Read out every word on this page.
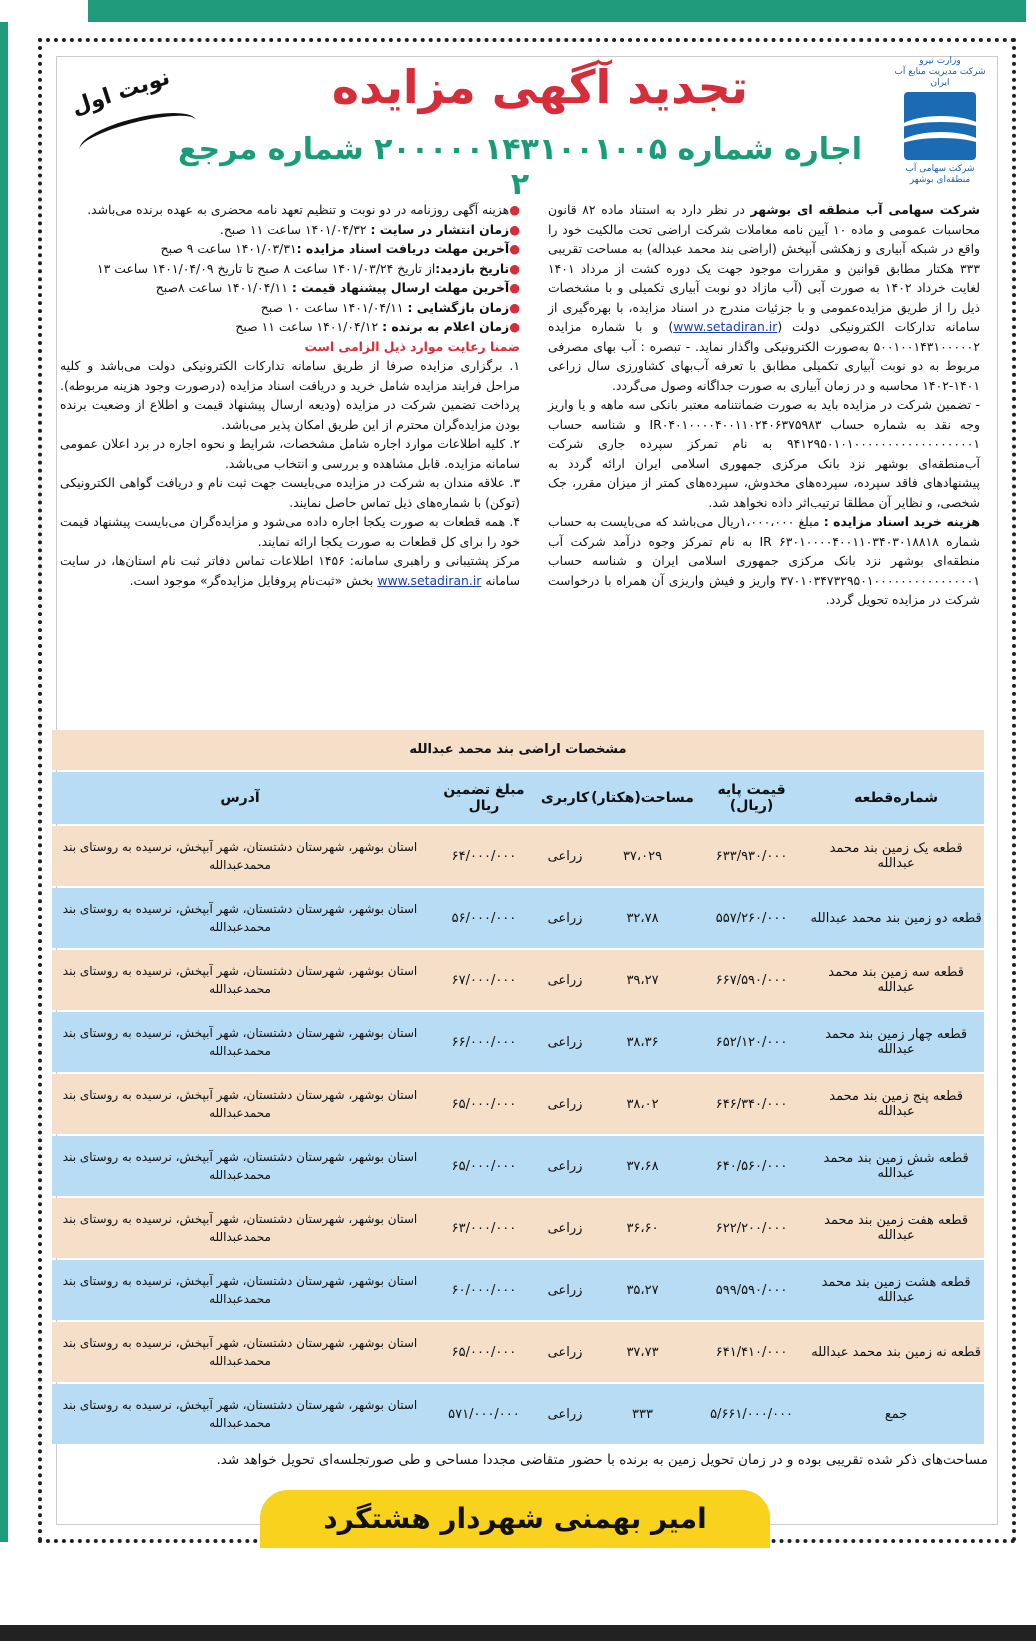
وزارت نیرو
شرکت مدیریت منابع آب ایران
شرکت سهامی آب منطقه‌ای بوشهر
نوبت اول	تجدید آگهی مزایده
اجاره شماره ۲۰۰۰۰۰۱۴۳۱۰۰۱۰۰۵ شماره مرجع ۲
شرکت سهامی آب منطقه ای بوشهر در نظر دارد به استناد ماده ۸۲ قانون محاسبات عمومی و ماده ۱۰ آیین نامه معاملات شرکت اراضی تحت مالکیت خود را واقع در شبکه آبیاری و زهکشی آبپخش (اراضی بند محمد عبداله) به مساحت تقریبی ۳۳۳ هکتار مطابق قوانین و مقررات موجود جهت یک دوره کشت از مرداد ۱۴۰۱ لغایت خرداد ۱۴۰۲ به صورت آبی (آب مازاد دو نوبت آبیاری تکمیلی و با مشخصات ذیل را از طریق مزایده‌عمومی و با جزئیات مندرج در اسناد مزایده، با بهره‌گیری از سامانه تدارکات الکترونیکی دولت (www.setadiran.ir) و با شماره مزایده ۵۰۰۱۰۰۱۴۳۱۰۰۰۰۰۲ به‌صورت الکترونیکی واگذار نماید. - تبصره : آب بهای مصرفی مربوط به دو نوبت آبیاری تکمیلی مطابق با تعرفه آب‌بهای کشاورزی سال زراعی ۱۴۰۱-۱۴۰۲ محاسبه و در زمان آبیاری به صورت جداگانه وصول می‌گردد.
- تضمین شرکت در مزایده باید به صورت ضمانتنامه معتبر بانکی سه ماهه و یا واریز وجه نقد به شماره حساب IR۰۴۰۱۰۰۰۰۴۰۰۱۱۰۲۴۰۶۳۷۵۹۸۳ و شناسه حساب ۹۴۱۲۹۵۰۱۰۱۰۰۰۰۰۰۰۰۰۰۰۰۰۰۰۰۰۰۱ به نام تمرکز سپرده جاری شرکت آب‌منطقه‌ای بوشهر نزد بانک مرکزی جمهوری اسلامی ایران ارائه گردد به پیشنهادهای فاقد سپرده، سپرده‌های مخدوش، سپرده‌های کمتر از میزان مقرر، جک شخصی، و نظایر آن مطلقا ترتیب‌اثر داده نخواهد شد.
هزینه خرید اسناد مزایده : مبلغ ۱،۰۰۰،۰۰۰ریال می‌باشد که می‌بایست به حساب شماره IR ۶۳۰۱۰۰۰۰۴۰۰۱۱۰۳۴۰۳۰۱۸۸۱۸ به نام تمرکز وجوه درآمد شرکت آب منطقه‌ای بوشهر نزد بانک مرکزی جمهوری اسلامی ایران و شناسه حساب ۳۷۰۱۰۳۴۷۳۲۹۵۰۱۰۰۰۰۰۰۰۰۰۰۰۰۰۰۰۱ واریز و فیش واریزی آن همراه با درخواست شرکت در مزایده تحویل گردد.
●هزینه آگهی روزنامه در دو نوبت و تنظیم تعهد نامه محضری به عهده برنده می‌باشد.
●زمان انتشار در سایت : ۱۴۰۱/۰۴/۳۲ ساعت ۱۱ صبح.
●آخرین مهلت دریافت اسناد مزایده :۱۴۰۱/۰۳/۳۱ ساعت ۹ صبح
●تاریخ بازدید:از تاریخ ۱۴۰۱/۰۳/۲۴ ساعت ۸ صبح تا تاریخ ۱۴۰۱/۰۴/۰۹ ساعت ۱۳
●آخرین مهلت ارسال پیشنهاد قیمت : ۱۴۰۱/۰۴/۱۱ ساعت ۸صبح
●زمان بازگشایی : ۱۴۰۱/۰۴/۱۱ ساعت ۱۰ صبح
●زمان اعلام به برنده : ۱۴۰۱/۰۴/۱۲ ساعت ۱۱ صبح
ضمنا رعایت موارد ذیل الزامی است
۱. برگزاری مزایده صرفا از طریق سامانه تدارکات الکترونیکی دولت می‌باشد و کلیه مراحل فرایند مزایده شامل خرید و دریافت اسناد مزایده (درصورت وجود هزینه مربوطه). پرداخت تضمین شرکت در مزایده (ودیعه ارسال پیشنهاد قیمت و اطلاع از وضعیت برنده بودن مزایده‌گران محترم از این طریق امکان پذیر می‌باشد.
۲. کلیه اطلاعات موارد اجاره شامل مشخصات، شرایط و نحوه اجاره در برد اعلان عمومی سامانه مزایده. قابل مشاهده و بررسی و انتخاب می‌باشد.
۳. علاقه مندان به شرکت در مزایده می‌بایست جهت ثبت نام و دریافت گواهی الکترونیکی (توکن) با شماره‌های ذیل تماس حاصل نمایند.
۴. همه قطعات به صورت یکجا اجاره داده می‌شود و مزایده‌گران می‌بایست پیشنهاد قیمت خود را برای کل قطعات به صورت یکجا ارائه نمایند.
مرکز پشتیبانی و راهبری سامانه: ۱۴۵۶ اطلاعات تماس دفاتر ثبت نام استان‌ها، در سایت سامانه www.setadiran.ir بخش «ثبت‌نام پروفایل مزایده‌گر» موجود است.
مشخصات اراضی بند محمد عبدالله
شماره‌قطعه	قیمت پایه (ریال)	مساحت(هکتار)	کاربری	مبلغ تضمین ریال	آدرس
قطعه یک زمین بند محمد عبدالله	۶۳۳/۹۳۰/۰۰۰	۳۷،۰۲۹	زراعی	۶۴/۰۰۰/۰۰۰	استان بوشهر، شهرستان دشتستان، شهر آبپخش، نرسیده به روستای بند محمدعبدالله
قطعه دو زمین بند محمد عبدالله	۵۵۷/۲۶۰/۰۰۰	۳۲،۷۸	زراعی	۵۶/۰۰۰/۰۰۰	استان بوشهر، شهرستان دشتستان، شهر آبپخش، نرسیده به روستای بند محمدعبدالله
قطعه سه زمین بند محمد عبدالله	۶۶۷/۵۹۰/۰۰۰	۳۹،۲۷	زراعی	۶۷/۰۰۰/۰۰۰	استان بوشهر، شهرستان دشتستان، شهر آبپخش، نرسیده به روستای بند محمدعبدالله
قطعه چهار زمین بند محمد عبدالله	۶۵۲/۱۲۰/۰۰۰	۳۸،۳۶	زراعی	۶۶/۰۰۰/۰۰۰	استان بوشهر، شهرستان دشتستان، شهر آبپخش، نرسیده به روستای بند محمدعبدالله
قطعه پنج زمین بند محمد عبدالله	۶۴۶/۳۴۰/۰۰۰	۳۸،۰۲	زراعی	۶۵/۰۰۰/۰۰۰	استان بوشهر، شهرستان دشتستان، شهر آبپخش، نرسیده به روستای بند محمدعبدالله
قطعه شش زمین بند محمد عبدالله	۶۴۰/۵۶۰/۰۰۰	۳۷،۶۸	زراعی	۶۵/۰۰۰/۰۰۰	استان بوشهر، شهرستان دشتستان، شهر آبپخش، نرسیده به روستای بند محمدعبدالله
قطعه هفت زمین بند محمد عبدالله	۶۲۲/۲۰۰/۰۰۰	۳۶،۶۰	زراعی	۶۳/۰۰۰/۰۰۰	استان بوشهر، شهرستان دشتستان، شهر آبپخش، نرسیده به روستای بند محمدعبدالله
قطعه هشت زمین بند محمد عبدالله	۵۹۹/۵۹۰/۰۰۰	۳۵،۲۷	زراعی	۶۰/۰۰۰/۰۰۰	استان بوشهر، شهرستان دشتستان، شهر آبپخش، نرسیده به روستای بند محمدعبدالله
قطعه نه زمین بند محمد عبدالله	۶۴۱/۴۱۰/۰۰۰	۳۷،۷۳	زراعی	۶۵/۰۰۰/۰۰۰	استان بوشهر، شهرستان دشتستان، شهر آبپخش، نرسیده به روستای بند محمدعبدالله
جمع	۵/۶۶۱/۰۰۰/۰۰۰	۳۳۳	زراعی	۵۷۱/۰۰۰/۰۰۰	استان بوشهر، شهرستان دشتستان، شهر آبپخش، نرسیده به روستای بند محمدعبدالله
مساحت‌های ذکر شده تقریبی بوده و در زمان تحویل زمین به برنده با حضور متقاضی مجددا مساحی و طی صورتجلسه‌ای تحویل خواهد شد.
امیر بهمنی شهردار هشتگرد
